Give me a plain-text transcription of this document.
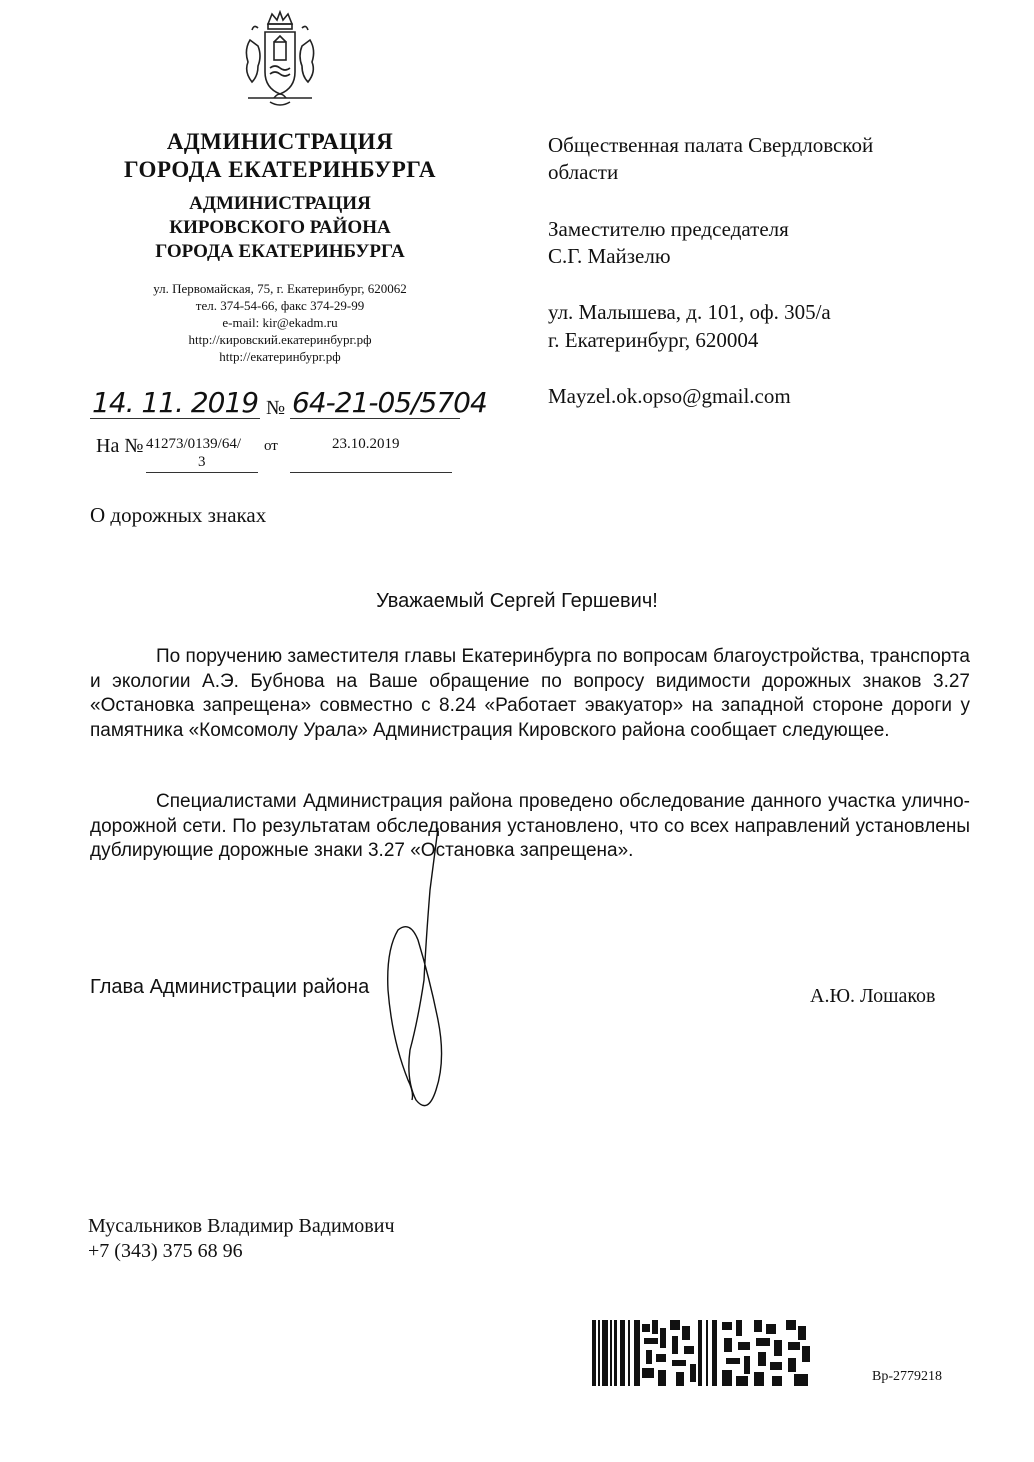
АДМИНИСТРАЦИЯ
ГОРОДА ЕКАТЕРИНБУРГА
АДМИНИСТРАЦИЯ
КИРОВСКОГО РАЙОНА
ГОРОДА ЕКАТЕРИНБУРГА
ул. Первомайская, 75, г. Екатеринбург, 620062
тел. 374-54-66, факс 374-29-99
e-mail: kir@ekadm.ru
http://кировский.екатеринбург.рф
http://екатеринбург.рф
14. 11. 2019 № 64-21-05/5704
На № 41273/0139/64/
3
от	23.10.2019
Общественная палата Свердловской
области
Заместителю председателя
С.Г. Майзелю
ул. Малышева, д. 101, оф. 305/а
г. Екатеринбург, 620004
Mayzel.ok.opso@gmail.com
О дорожных знаках
Уважаемый Сергей Гершевич!
По поручению заместителя главы Екатеринбурга по вопросам благоустройства, транспорта и экологии А.Э. Бубнова на Ваше обращение по вопросу видимости дорожных знаков 3.27 «Остановка запрещена» совместно с 8.24 «Работает эвакуатор» на западной стороне дороги у памятника «Комсомолу Урала» Администрация Кировского района сообщает следующее.
Специалистами Администрация района проведено обследование данного участка улично-дорожной сети. По результатам обследования установлено, что со всех направлений установлены дублирующие дорожные знаки 3.27 «Остановка запрещена».
Глава Администрации района	А.Ю. Лошаков
Мусальников Владимир Вадимович
+7 (343) 375 68 96
Вр-2779218
